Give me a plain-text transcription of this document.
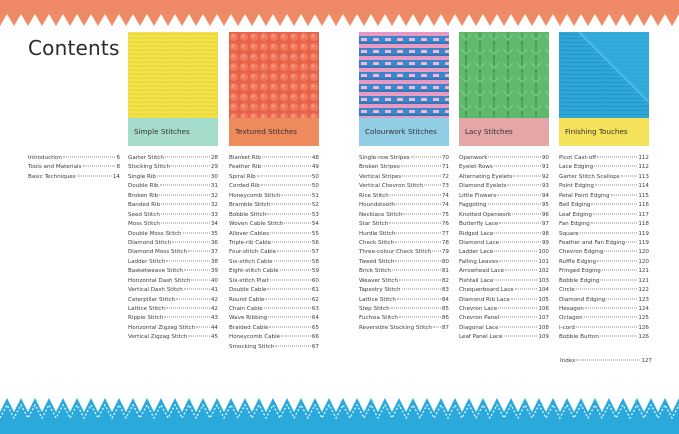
Contents
Introduction	6
Tools and Materials	8
Basic Techniques	14
Simple Stitches	Textured Stitches	Colourwork Stitches	Lacy Stitches	Finishing Touches
Garter Stitch	28
Stocking Stitch	29
Single Rib	30
Double Rib	31
Broken Rib	32
Banded Rib	32
Seed Stitch	33
Moss Stitch	34
Double Moss Stitch	35
Diamond Stitch	36
Diamond Moss Stitch	37
Ladder Stitch	38
Basketweave Stitch	39
Horizontal Dash Stitch	40
Vertical Dash Stitch	41
Caterpillar Stitch	42
Lattice Stitch	42
Ripple Stitch	43
Horizontal Zigzag Stitch	44
Vertical Zigzag Stitch	45
Blanket Rib	48
Feather Rib	49
Spiral Rib	50
Corded Rib	50
Honeycomb Stitch	51
Bramble Stitch	52
Bobble Stitch	53
Woven Cable Stitch	54
Allover Cables	55
Triple-rib Cable	56
Four-stitch Cable	57
Six-stitch Cable	58
Eight-stitch Cable	59
Six-stitch Plait	60
Double Cable	61
Round Cable	62
Chain Cable	63
Wave Ribbing	64
Braided Cable	65
Honeycomb Cable	66
Smocking Stitch	67
Single-row Stripes	70
Broken Stripes	71
Vertical Stripes	72
Vertical Chevron Stitch	73
Rice Stitch	74
Houndstooth	74
Necklace Stitch	75
Star Stitch	76
Hurdle Stitch	77
Check Stitch	78
Three-colour Check Stitch 79
Tweed Stitch	80
Brick Stitch	81
Weaver Stitch	82
Tapestry Stitch	83
Lattice Stitch	84
Step Stitch	85
Fuchsia Stitch	86
Reversible Stocking Stitch 87
Openwork	90
Eyelet Rows	91
Alternating Eyelets	92
Diamond Eyelets	93
Little Flowers	94
Faggoting	95
Knotted Openwork	96
Butterfly Lace	97
Ridged Lace	98
Diamond Lace	99
Ladder Lace	100
Falling Leaves	101
Arrowhead Lace	102
Fishtail Lace	103
Chequerboard Lace	104
Diamond Rib Lace	105
Chevron Lace	106
Chevron Panel	107
Diagonal Lace	108
Leaf Panel Lace	109
Picot Cast-off	112
Lace Edging	112
Garter Stitch Scallops	113
Point Edging	114
Petal Point Edging	115
Bell Edging	116
Leaf Edging	117
Fan Edging	118
Square	119
Feather and Fan Edging 119
Chevron Edging	120
Ruffle Edging	120
Fringed Edging	121
Bobble Edging	121
Circle	122
Diamond Edging	123
Hexagon	124
Octagon	125
I-cord	126
Bobble Button	126
Index	127
